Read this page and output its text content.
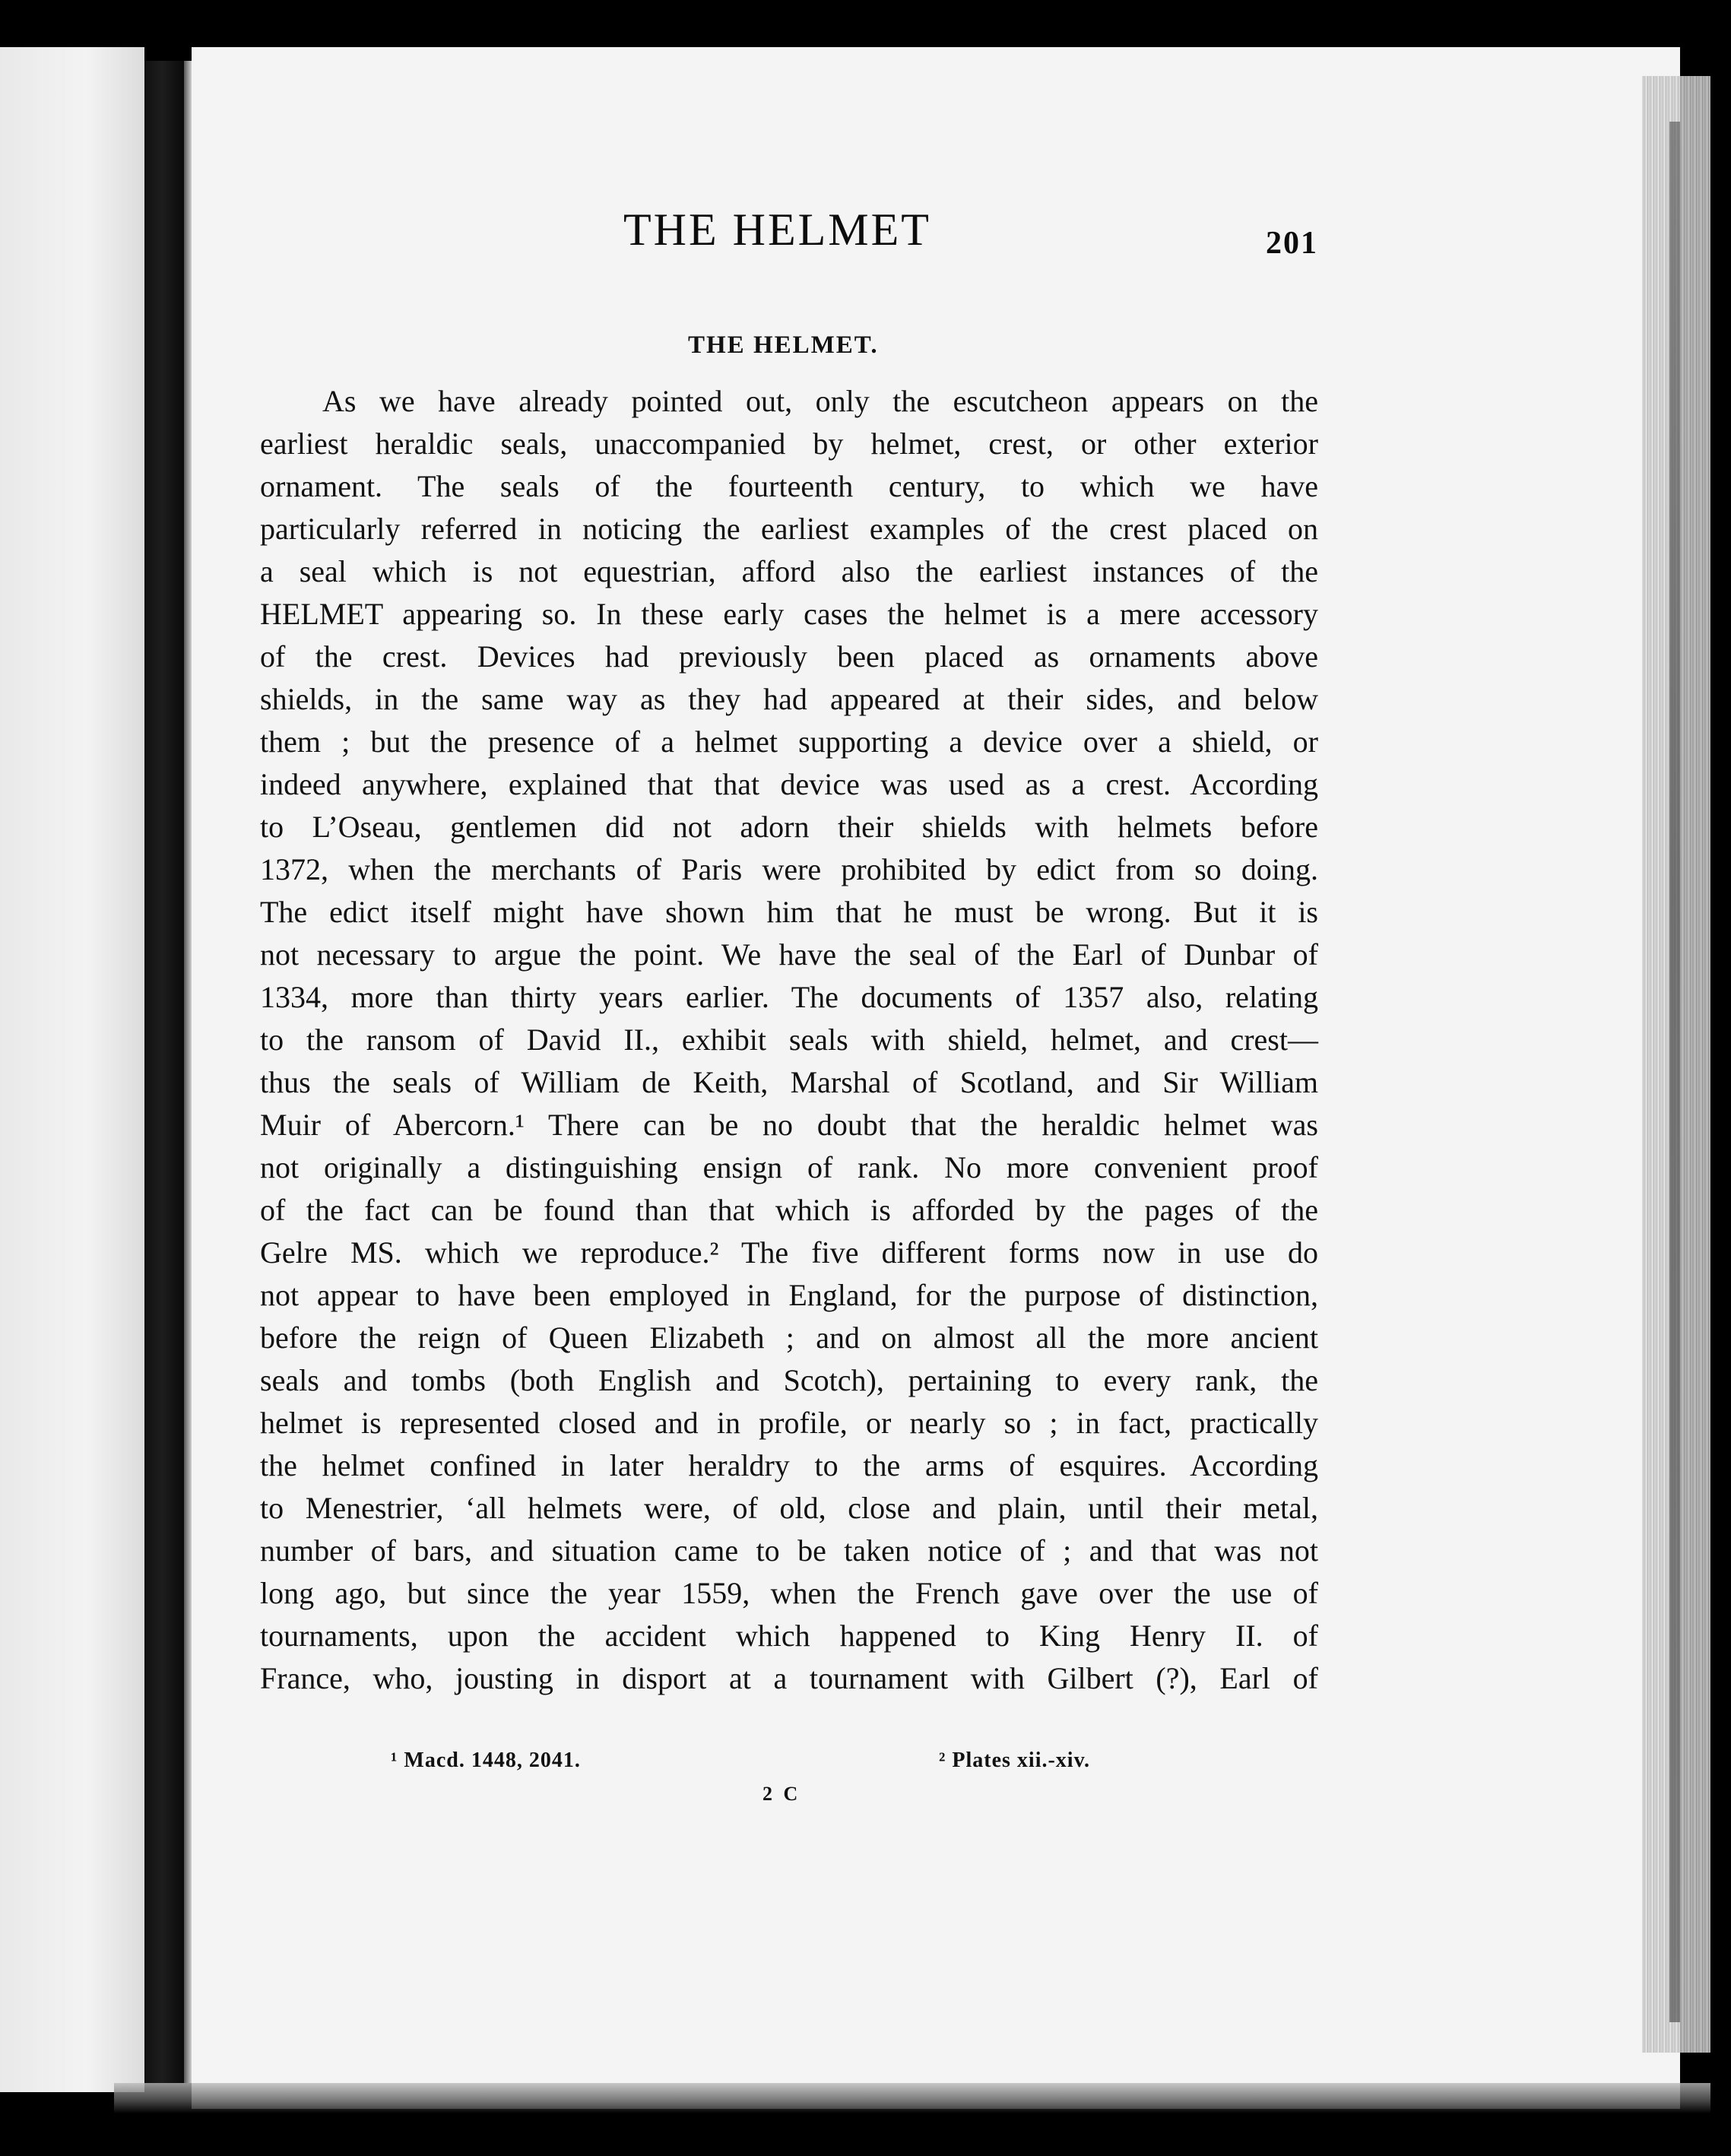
THE HELMET	201
THE HELMET.
As we have already pointed out, only the escutcheon appears on the
earliest heraldic seals, unaccompanied by helmet, crest, or other exterior
ornament. The seals of the fourteenth century, to which we have
particularly referred in noticing the earliest examples of the crest placed on
a seal which is not equestrian, afford also the earliest instances of the
HELMET appearing so. In these early cases the helmet is a mere accessory
of the crest. Devices had previously been placed as ornaments above
shields, in the same way as they had appeared at their sides, and below
them ; but the presence of a helmet supporting a device over a shield, or
indeed anywhere, explained that that device was used as a crest. According
to L’Oseau, gentlemen did not adorn their shields with helmets before
1372, when the merchants of Paris were prohibited by edict from so doing.
The edict itself might have shown him that he must be wrong. But it is
not necessary to argue the point. We have the seal of the Earl of Dunbar of
1334, more than thirty years earlier. The documents of 1357 also, relating
to the ransom of David II., exhibit seals with shield, helmet, and crest—
thus the seals of William de Keith, Marshal of Scotland, and Sir William
Muir of Abercorn.¹ There can be no doubt that the heraldic helmet was
not originally a distinguishing ensign of rank. No more convenient proof
of the fact can be found than that which is afforded by the pages of the
Gelre MS. which we reproduce.² The five different forms now in use do
not appear to have been employed in England, for the purpose of distinction,
before the reign of Queen Elizabeth ; and on almost all the more ancient
seals and tombs (both English and Scotch), pertaining to every rank, the
helmet is represented closed and in profile, or nearly so ; in fact, practically
the helmet confined in later heraldry to the arms of esquires. According
to Menestrier, ‘all helmets were, of old, close and plain, until their metal,
number of bars, and situation came to be taken notice of ; and that was not
long ago, but since the year 1559, when the French gave over the use of
tournaments, upon the accident which happened to King Henry II. of
France, who, jousting in disport at a tournament with Gilbert (?), Earl of
¹ Macd. 1448, 2041.	² Plates xii.-xiv.
2 C
